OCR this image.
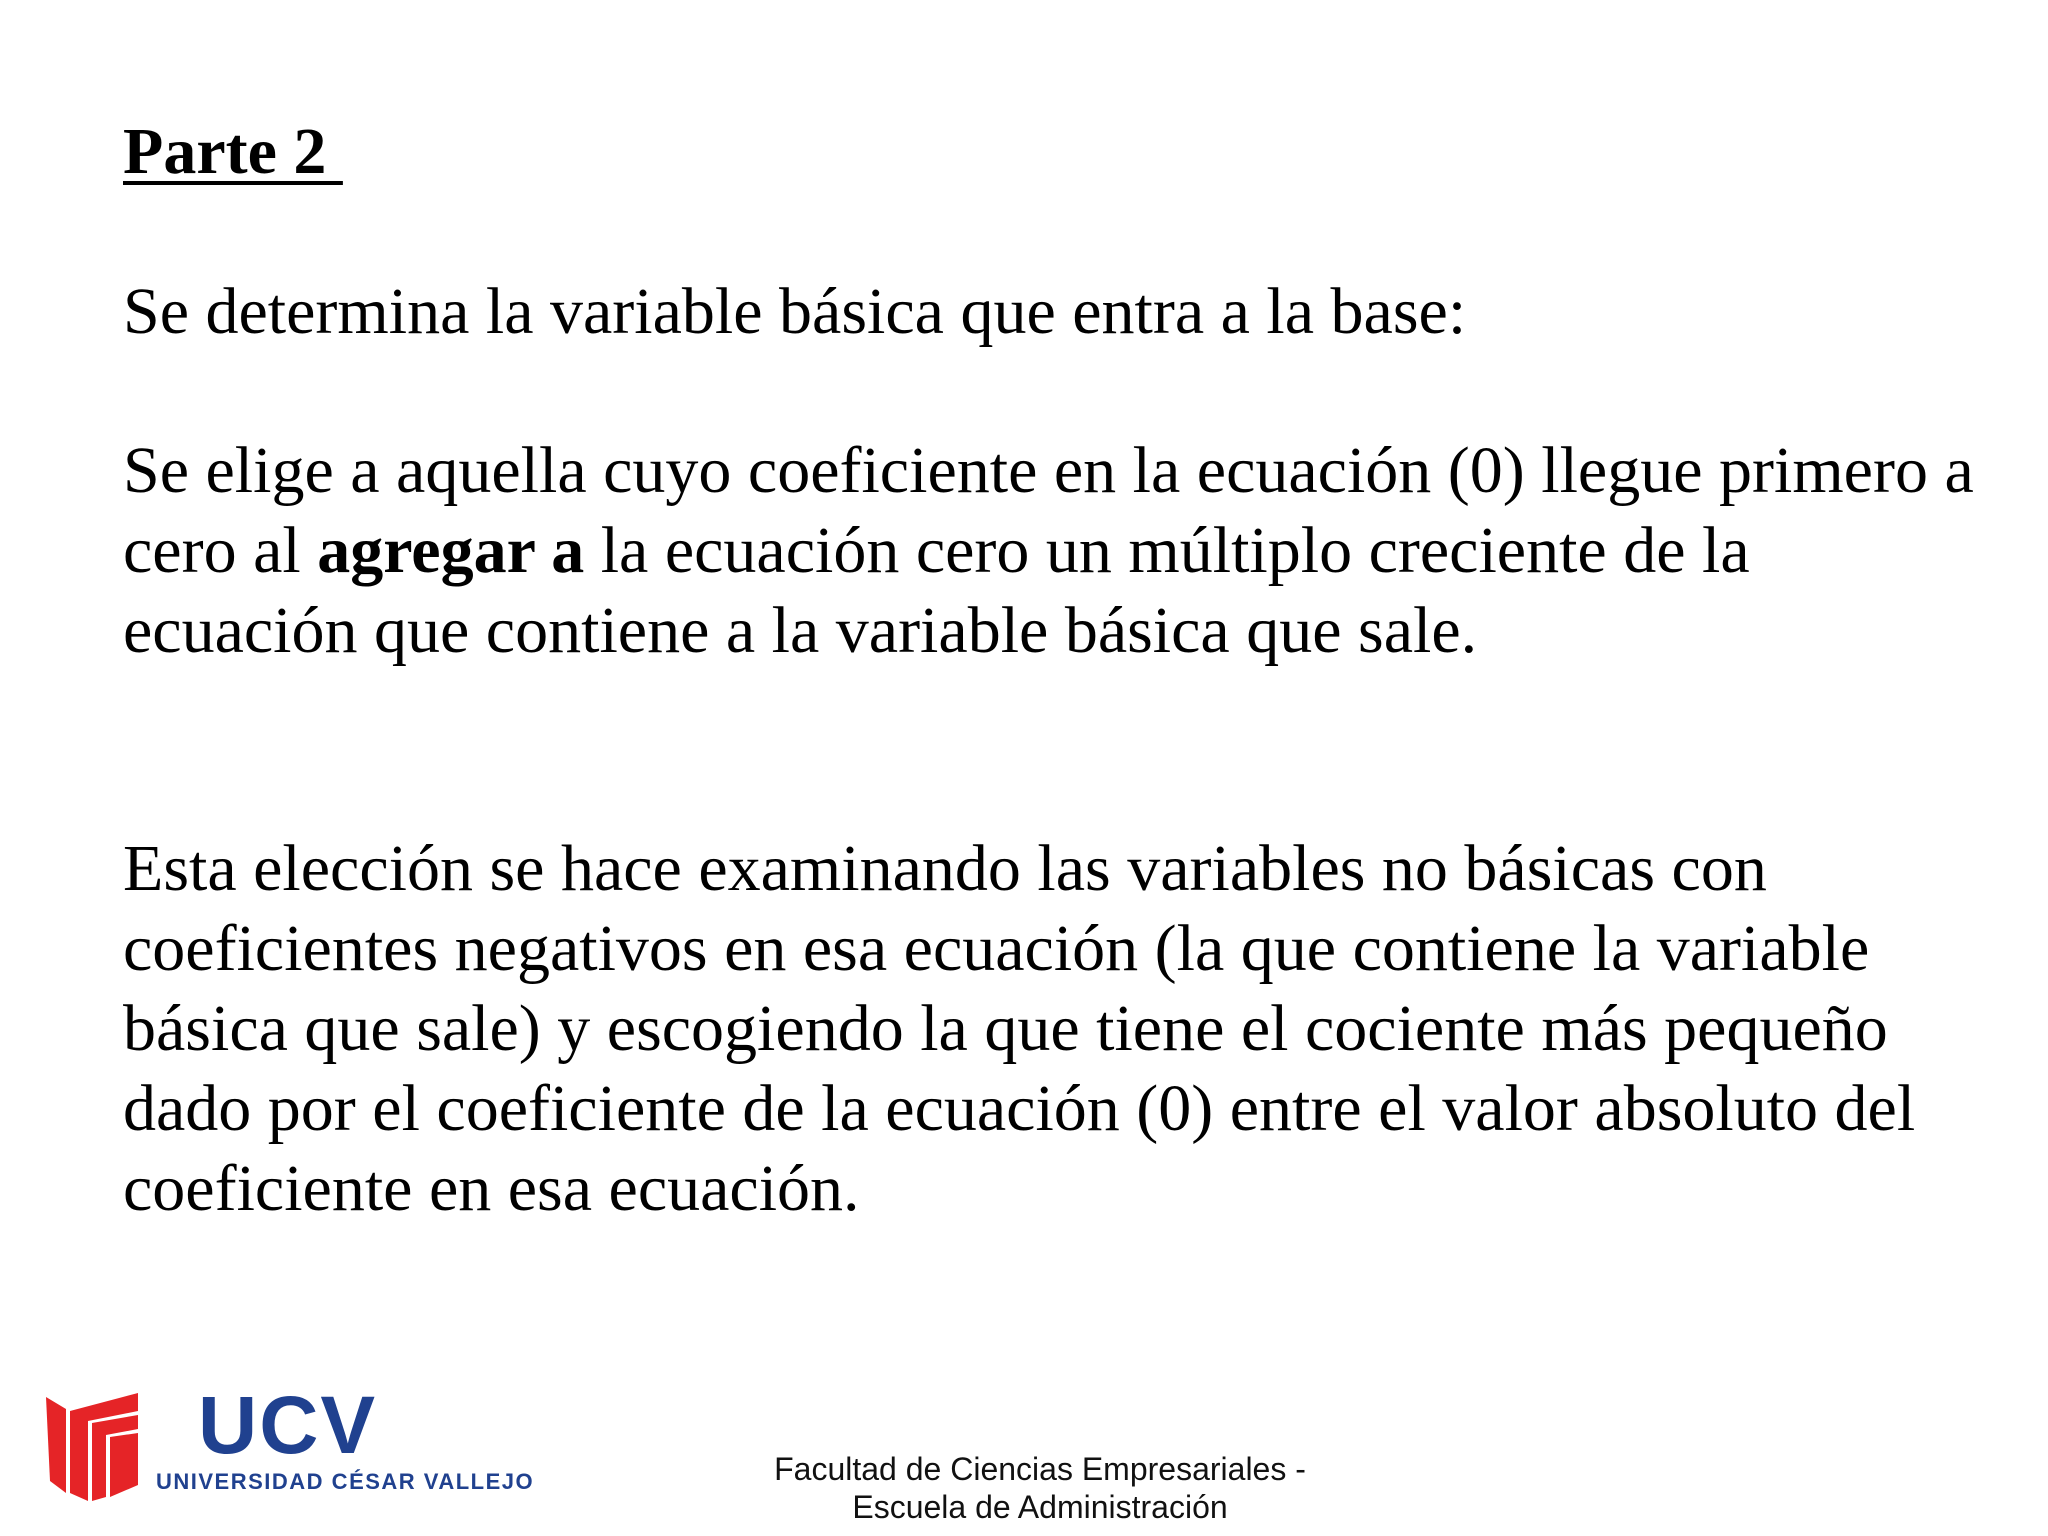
Parte 2

Se determina la variable básica que entra a la base:

Se elige a aquella cuyo coeficiente en la ecuación (0) llegue primero a cero al agregar a la ecuación cero un múltiplo creciente de la ecuación que contiene a la variable básica que sale.

Esta elección se hace examinando las variables no básicas con coeficientes negativos en esa ecuación (la que contiene la variable básica que sale) y escogiendo la que tiene el cociente más pequeño dado por el coeficiente de la ecuación (0) entre el valor absoluto del coeficiente en esa ecuación.

UCV
UNIVERSIDAD CÉSAR VALLEJO	Facultad de Ciencias Empresariales -
Escuela de Administración
